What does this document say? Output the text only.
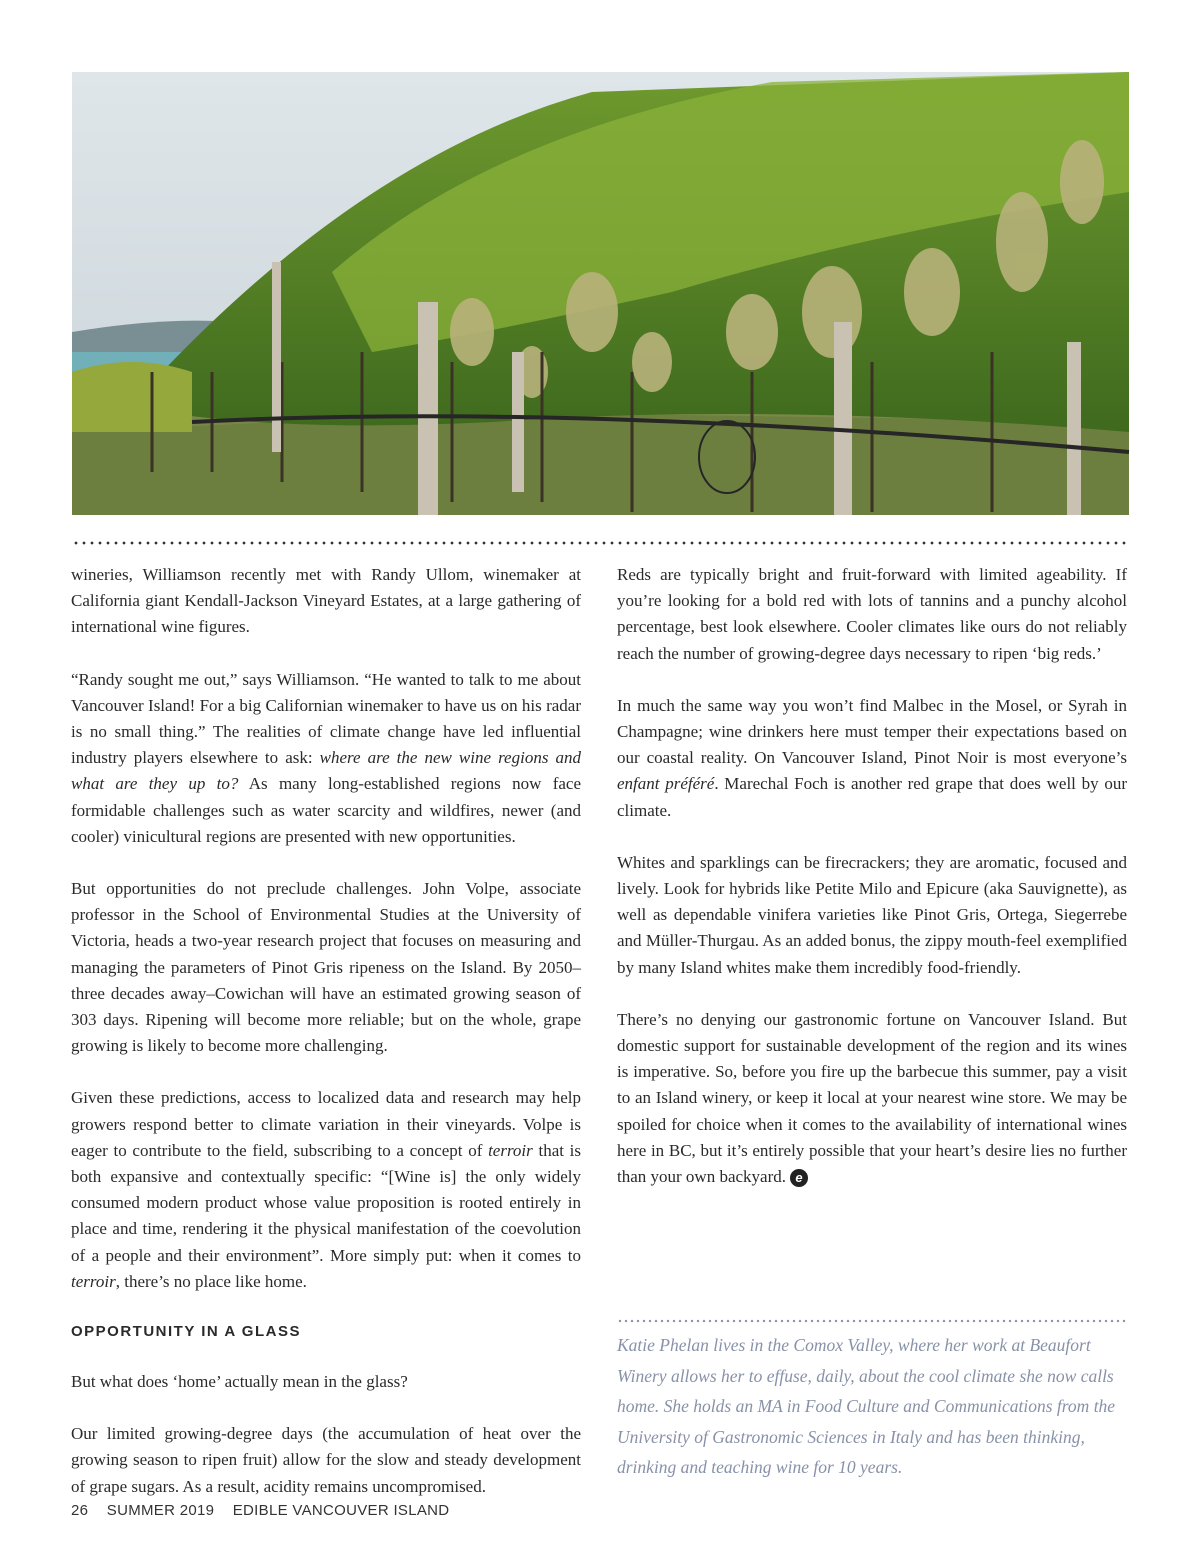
Photo by Charlie Arneson

wineries, Williamson recently met with Randy Ullom, winemaker at California giant Kendall-Jackson Vineyard Estates, at a large gathering of international wine figures.

“Randy sought me out,” says Williamson. “He wanted to talk to me about Vancouver Island! For a big Californian winemaker to have us on his radar is no small thing.” The realities of climate change have led influential industry players elsewhere to ask: where are the new wine regions and what are they up to? As many long-established regions now face formidable challenges such as water scarcity and wildfires, newer (and cooler) vinicultural regions are presented with new opportunities.

But opportunities do not preclude challenges. John Volpe, associate professor in the School of Environmental Studies at the University of Victoria, heads a two-year research project that focuses on measuring and managing the parameters of Pinot Gris ripeness on the Island. By 2050–three decades away–Cowichan will have an estimated growing season of 303 days. Ripening will become more reliable; but on the whole, grape growing is likely to become more challenging.

Given these predictions, access to localized data and research may help growers respond better to climate variation in their vineyards. Volpe is eager to contribute to the field, subscribing to a concept of terroir that is both expansive and contextually specific: “[Wine is] the only widely consumed modern product whose value proposition is rooted entirely in place and time, rendering it the physical manifestation of the coevolution of a people and their environment”. More simply put: when it comes to terroir, there’s no place like home.

OPPORTUNITY IN A GLASS

But what does ‘home’ actually mean in the glass?

Our limited growing-degree days (the accumulation of heat over the growing season to ripen fruit) allow for the slow and steady development of grape sugars. As a result, acidity remains uncompromised.

Reds are typically bright and fruit-forward with limited ageability. If you’re looking for a bold red with lots of tannins and a punchy alcohol percentage, best look elsewhere. Cooler climates like ours do not reliably reach the number of growing-degree days necessary to ripen ‘big reds.’

In much the same way you won’t find Malbec in the Mosel, or Syrah in Champagne; wine drinkers here must temper their expectations based on our coastal reality. On Vancouver Island, Pinot Noir is most everyone’s enfant préféré. Marechal Foch is another red grape that does well by our climate.

Whites and sparklings can be firecrackers; they are aromatic, focused and lively. Look for hybrids like Petite Milo and Epicure (aka Sauvignette), as well as dependable vinifera varieties like Pinot Gris, Ortega, Siegerrebe and Müller-Thurgau. As an added bonus, the zippy mouth-feel exemplified by many Island whites make them incredibly food-friendly.

There’s no denying our gastronomic fortune on Vancouver Island. But domestic support for sustainable development of the region and its wines is imperative. So, before you fire up the barbecue this summer, pay a visit to an Island winery, or keep it local at your nearest wine store. We may be spoiled for choice when it comes to the availability of international wines here in BC, but it’s entirely possible that your heart’s desire lies no further than your own backyard. e

Katie Phelan lives in the Comox Valley, where her work at Beaufort Winery allows her to effuse, daily, about the cool climate she now calls home. She holds an MA in Food Culture and Communications from the University of Gastronomic Sciences in Italy and has been thinking, drinking and teaching wine for 10 years.
26 SUMMER 2019 EDIBLE VANCOUVER ISLAND
